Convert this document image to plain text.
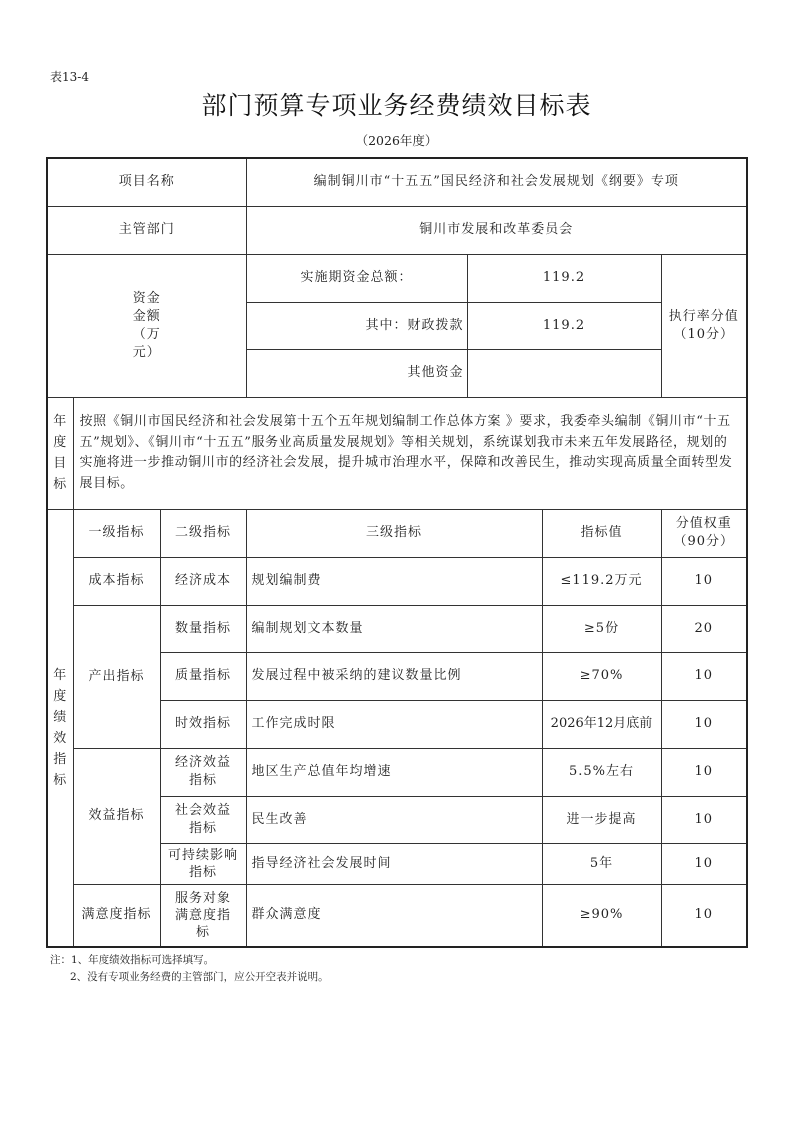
表13-4
部门预算专项业务经费绩效目标表
（2026年度）
项目名称			编制铜川市“十五五”国民经济和社会发展规划《纲要》专项			
主管部门			铜川市发展和改革委员会			
资金金额（万元）			实施期资金总额：	119.2		执行率分值（10分）
			其中：财政拨款	119.2		
			其他资金			
年度目标	按照《铜川市国民经济和社会发展第十五个五年规划编制工作总体方案 》要求，我委牵头编制《铜川市“十五五”规划》、《铜川市“十五五”服务业高质量发展规划》等相关规划，系统谋划我市未来五年发展路径，规划的实施将进一步推动铜川市的经济社会发展，提升城市治理水平，保障和改善民生，推动实现高质量全面转型发展目标。					
年度绩效指标	一级指标	二级指标	三级指标		指标值	分值权重（90分）
	成本指标	经济成本	规划编制费		≤119.2万元	10
	产出指标	数量指标	编制规划文本数量		≥5份	20
		质量指标	发展过程中被采纳的建议数量比例		≥70%	10
		时效指标	工作完成时限		2026年12月底前	10
	效益指标	经济效益指标	地区生产总值年均增速		5.5%左右	10
		社会效益指标	民生改善		进一步提高	10
		可持续影响指标	指导经济社会发展时间		5年	10
	满意度指标	服务对象满意度指标	群众满意度		≥90%	10
注：1、年度绩效指标可选择填写。
2、没有专项业务经费的主管部门，应公开空表并说明。
